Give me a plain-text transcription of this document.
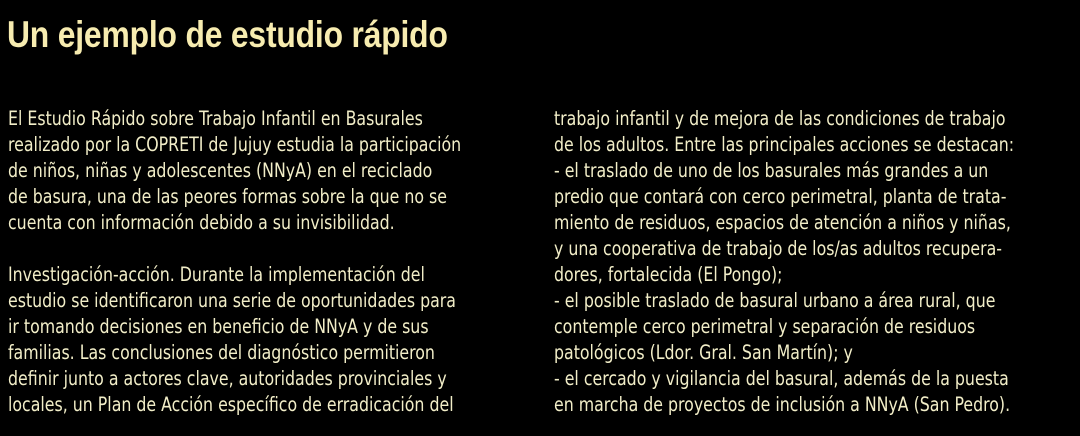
Un ejemplo de estudio rápido
El Estudio Rápido sobre Trabajo Infantil en Basurales
realizado por la COPRETI de Jujuy estudia la participación
de niños, niñas y adolescentes (NNyA) en el reciclado
de basura, una de las peores formas sobre la que no se
cuenta con información debido a su invisibilidad.
Investigación-acción. Durante la implementación del
estudio se identificaron una serie de oportunidades para
ir tomando decisiones en beneficio de NNyA y de sus
familias. Las conclusiones del diagnóstico permitieron
definir junto a actores clave, autoridades provinciales y
locales, un Plan de Acción específico de erradicación del
trabajo infantil y de mejora de las condiciones de trabajo
de los adultos. Entre las principales acciones se destacan:
- el traslado de uno de los basurales más grandes a un
predio que contará con cerco perimetral, planta de trata-
miento de residuos, espacios de atención a niños y niñas,
y una cooperativa de trabajo de los/as adultos recupera-
dores, fortalecida (El Pongo);
- el posible traslado de basural urbano a área rural, que
contemple cerco perimetral y separación de residuos
patológicos (Ldor. Gral. San Martín); y
- el cercado y vigilancia del basural, además de la puesta
en marcha de proyectos de inclusión a NNyA (San Pedro).
